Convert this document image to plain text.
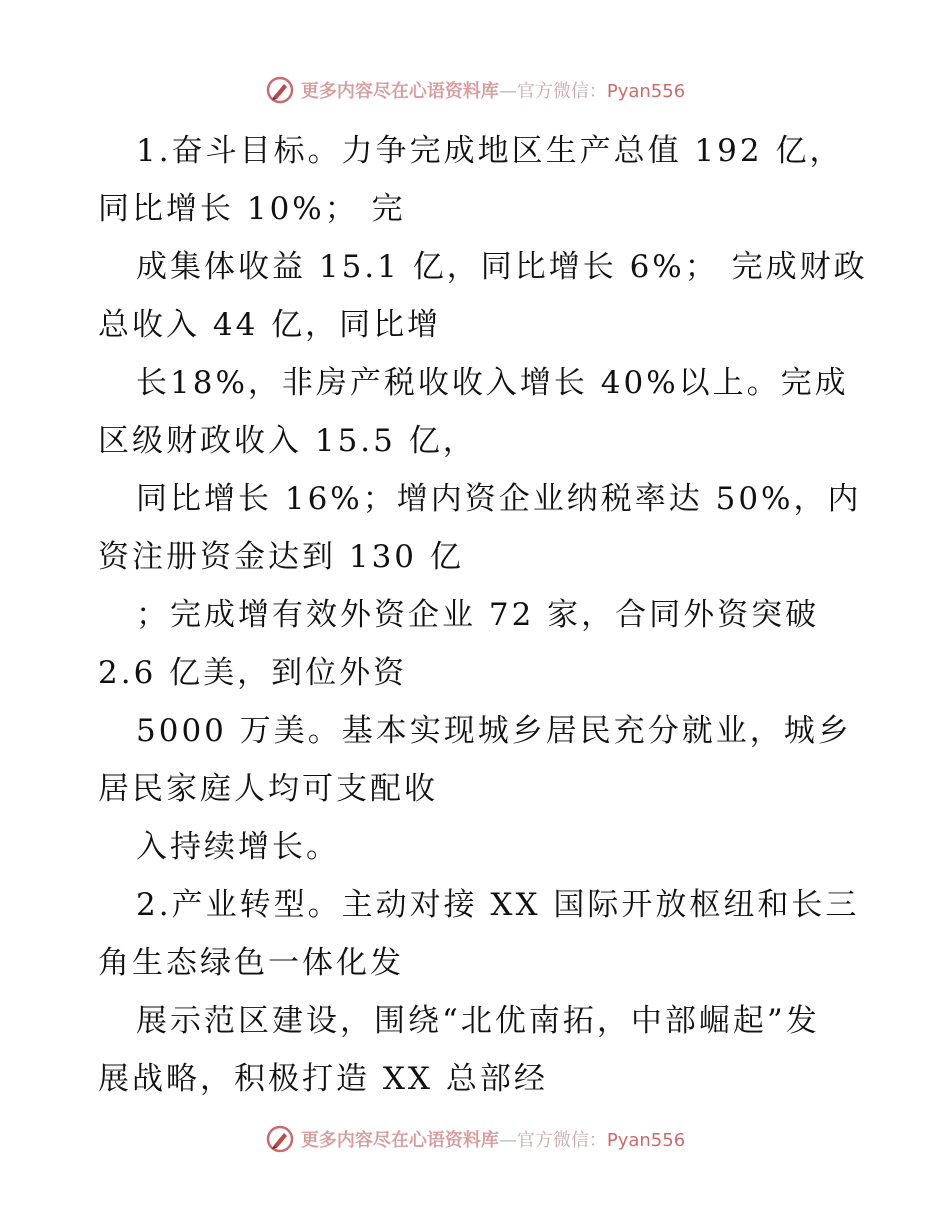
更多内容尽在心语资料库—官方微信：Pyan556
1.奋斗目标。力争完成地区生产总值 192 亿，
同比增长 10%； 完
成集体收益 15.1 亿，同比增长 6%； 完成财政
总收入 44 亿，同比增
长18%，非房产税收收入增长 40%以上。完成
区级财政收入 15.5 亿，
同比增长 16%；增内资企业纳税率达 50%，内
资注册资金达到 130 亿
；完成增有效外资企业 72 家，合同外资突破
2.6 亿美，到位外资
5000 万美。基本实现城乡居民充分就业，城乡
居民家庭人均可支配收
入持续增长。
2.产业转型。主动对接 XX 国际开放枢纽和长三
角生态绿色一体化发
展示范区建设，围绕“北优南拓，中部崛起”发
展战略，积极打造 XX 总部经
更多内容尽在心语资料库—官方微信：Pyan556
